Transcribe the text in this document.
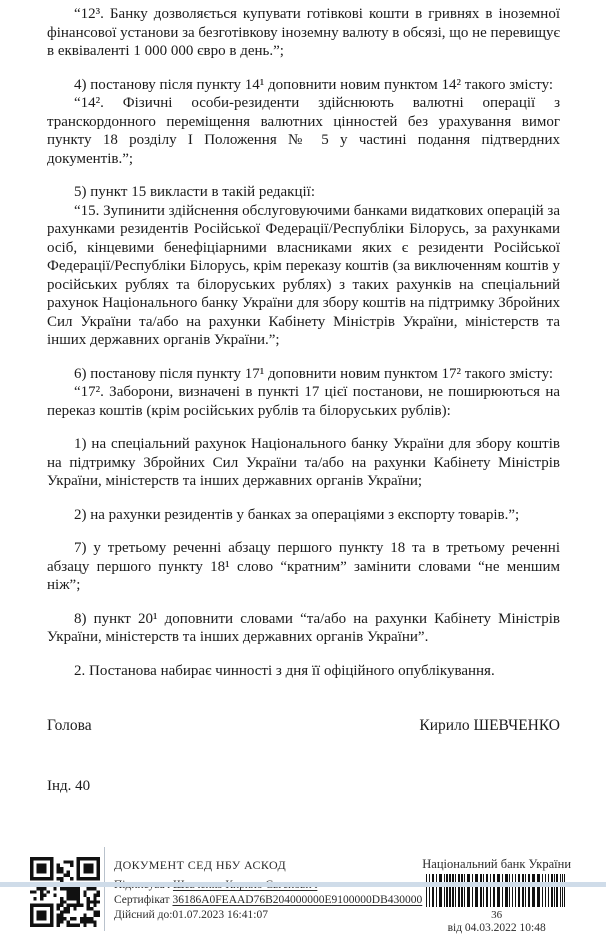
“12³. Банку дозволяється купувати готівкові кошти в гривнях в іноземної фінансової установи за безготівкову іноземну валюту в обсязі, що не перевищує в еквіваленті 1 000 000 євро в день.”;

4) постанову після пункту 14¹ доповнити новим пунктом 14² такого змісту:

“14². Фізичні особи-резиденти здійснюють валютні операції з транскордонного переміщення валютних цінностей без урахування вимог пункту 18 розділу І Положення № 5 у частині подання підтвердних документів.”;

5) пункт 15 викласти в такій редакції:

“15. Зупинити здійснення обслуговуючими банками видаткових операцій за рахунками резидентів Російської Федерації/Республіки Білорусь, за рахунками осіб, кінцевими бенефіціарними власниками яких є резиденти Російської Федерації/Республіки Білорусь, крім переказу коштів (за виключенням коштів у російських рублях та білоруських рублях) з таких рахунків на спеціальний рахунок Національного банку України для збору коштів на підтримку Збройних Сил України та/або на рахунки Кабінету Міністрів України, міністерств та інших державних органів України.”;

6) постанову після пункту 17¹ доповнити новим пунктом 17² такого змісту:

“17². Заборони, визначені в пункті 17 цієї постанови, не поширюються на переказ коштів (крім російських рублів та білоруських рублів):

1) на спеціальний рахунок Національного банку України для збору коштів на підтримку Збройних Сил України та/або на рахунки Кабінету Міністрів України, міністерств та інших державних органів України;

2) на рахунки резидентів у банках за операціями з експорту товарів.”;

7) у третьому реченні абзацу першого пункту 18 та в третьому реченні абзацу першого пункту 18¹ слово “кратним” замінити словами “не меншим ніж”;

8) пункт 20¹ доповнити словами “та/або на рахунки Кабінету Міністрів України, міністерств та інших державних органів України”.

2. Постанова набирає чинності з дня її офіційного опублікування.

Голова	Кирило ШЕВЧЕНКО
Інд. 40
ДОКУМЕНТ СЕД НБУ АСКОД
Сертифікат 36186A0FEAAD76B204000000E9100000DB430000
Дійсний до:01.07.2023 16:41:07
Національний банк України
36
від 04.03.2022 10:48
